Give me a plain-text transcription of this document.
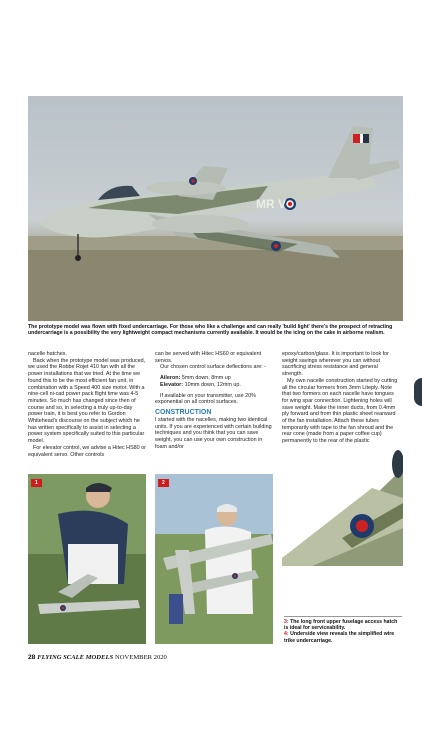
MR V
The prototype model was flown with fixed undercarriage. For those who like a challenge and can really 'build light' there's the prospect of retracting undercarriage is a possibility the very lightweight compact mechanisms currently available. It would be the icing on the cake in airborne realism.

nacelle hatches.

Back when the prototype model was produced, we used the Robbe Rojet 410 fan with all the power installations that we tried. At the time we found this to be the most efficient fan unit, in combination with a Speed 400 size motor. With a nine-cell ni-cad power pack flight time was 4-5 minutes. So much has changed since then of course and so, in selecting a truly up-to-day power train, it is best you refer to Gordon Whitehead's discourse on the subject which he has written specifically to assist in selecting a power system specifically suited to this particular model.

For elevator control, we advise a Hitec HS80 or equivalent servo. Other controls

can be served with Hitec HS60 or equivalent servos.

Our chosen control surface deflections are: -

Aileron: 5mm down, 8mm up

Elevator: 10mm down, 12mm up.

If available on your transmitter, use 20% exponential on all control surfaces.

CONSTRUCTION

I started with the nacelles, making two identical units. If you are experienced with certain building techniques and you think that you can save weight, you can use your own construction in foam and/or

epoxy/carbon/glass. It is important to look for weight savings wherever you can without sacrificing stress resistance and general strength.

My own nacelle construction started by cutting all the circular formers from 3mm Liteply. Note that two formers on each nacelle have tongues for wing spar connection. Lightening holes will save weight. Make the inner ducts, from 0.4mm ply forward and from thin plastic sheet rearward of the fan installation. Attach these tubes temporarily with tape to the fan shroud and the rear cone (made from a paper coffee cup) permanently to the rear of the plastic

1	2
3: The long front upper fuselage access hatch is ideal for serviceability.
4: Underside view reveals the simplified wire trike undercarriage.
28 FLYING SCALE MODELS NOVEMBER 2020
